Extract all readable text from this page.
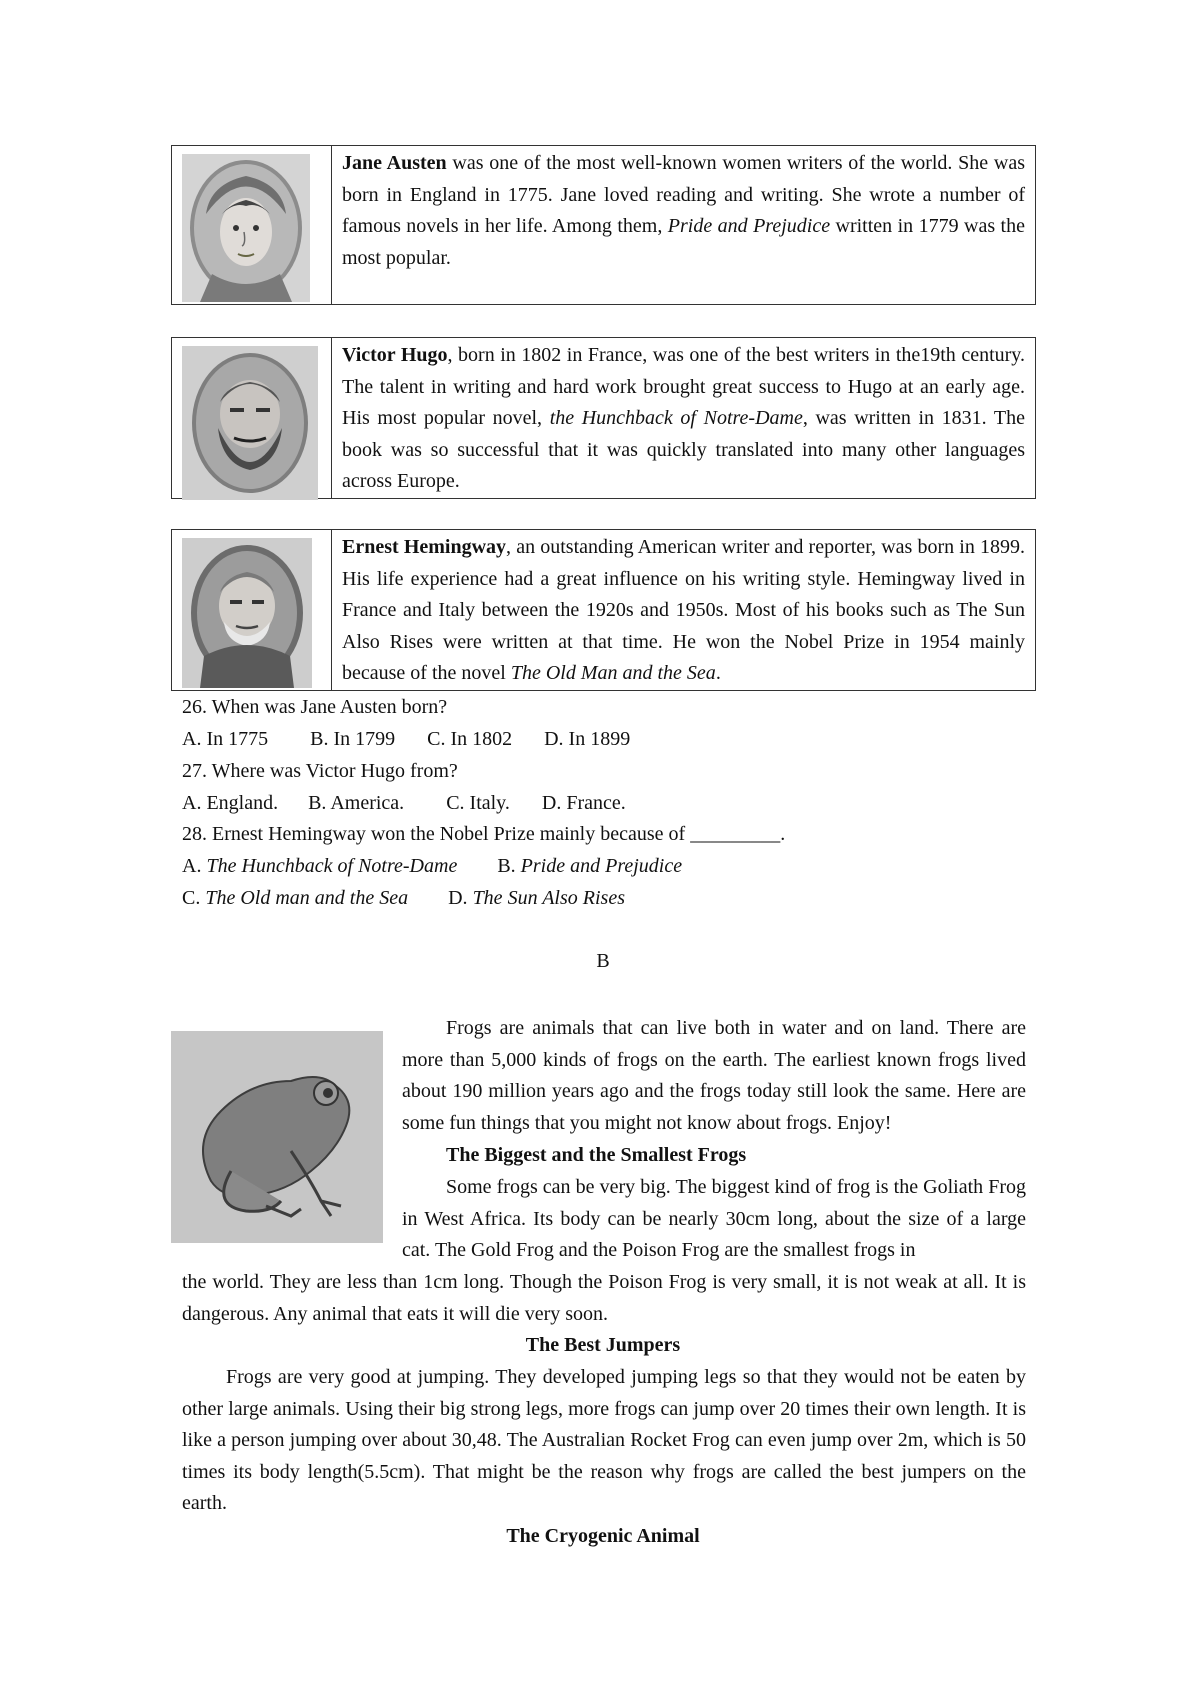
Jane Austen was one of the most well-known women writers of the world. She was born in England in 1775. Jane loved reading and writing. She wrote a number of famous novels in her life. Among them, Pride and Prejudice written in 1779 was the most popular.
Victor Hugo, born in 1802 in France, was one of the best writers in the19th century. The talent in writing and hard work brought great success to Hugo at an early age. His most popular novel, the Hunchback of Notre-Dame, was written in 1831. The book was so successful that it was quickly translated into many other languages across Europe.
Ernest Hemingway, an outstanding American writer and reporter, was born in 1899. His life experience had a great influence on his writing style. Hemingway lived in France and Italy between the 1920s and 1950s. Most of his books such as The Sun Also Rises were written at that time. He won the Nobel Prize in 1954 mainly because of the novel The Old Man and the Sea.
26. When was Jane Austen born?
A. In 1775 B. In 1799 C. In 1802 D. In 1899
27. Where was Victor Hugo from?
A. England. B. America. C. Italy. D. France.
28. Ernest Hemingway won the Nobel Prize mainly because of _________.
A. The Hunchback of Notre-Dame B. Pride and Prejudice
C. The Old man and the Sea D. The Sun Also Rises
B
Frogs are animals that can live both in water and on land. There are more than 5,000 kinds of frogs on the earth. The earliest known frogs lived about 190 million years ago and the frogs today still look the same. Here are some fun things that you might not know about frogs. Enjoy!
The Biggest and the Smallest Frogs
Some frogs can be very big. The biggest kind of frog is the Goliath Frog in West Africa. Its body can be nearly 30cm long, about the size of a large cat. The Gold Frog and the Poison Frog are the smallest frogs in
the world. They are less than 1cm long. Though the Poison Frog is very small, it is not weak at all. It is dangerous. Any animal that eats it will die very soon.
The Best Jumpers
Frogs are very good at jumping. They developed jumping legs so that they would not be eaten by other large animals. Using their big strong legs, more frogs can jump over 20 times their own length. It is like a person jumping over about 30,48. The Australian Rocket Frog can even jump over 2m, which is 50 times its body length(5.5cm). That might be the reason why frogs are called the best jumpers on the earth.
The Cryogenic Animal
